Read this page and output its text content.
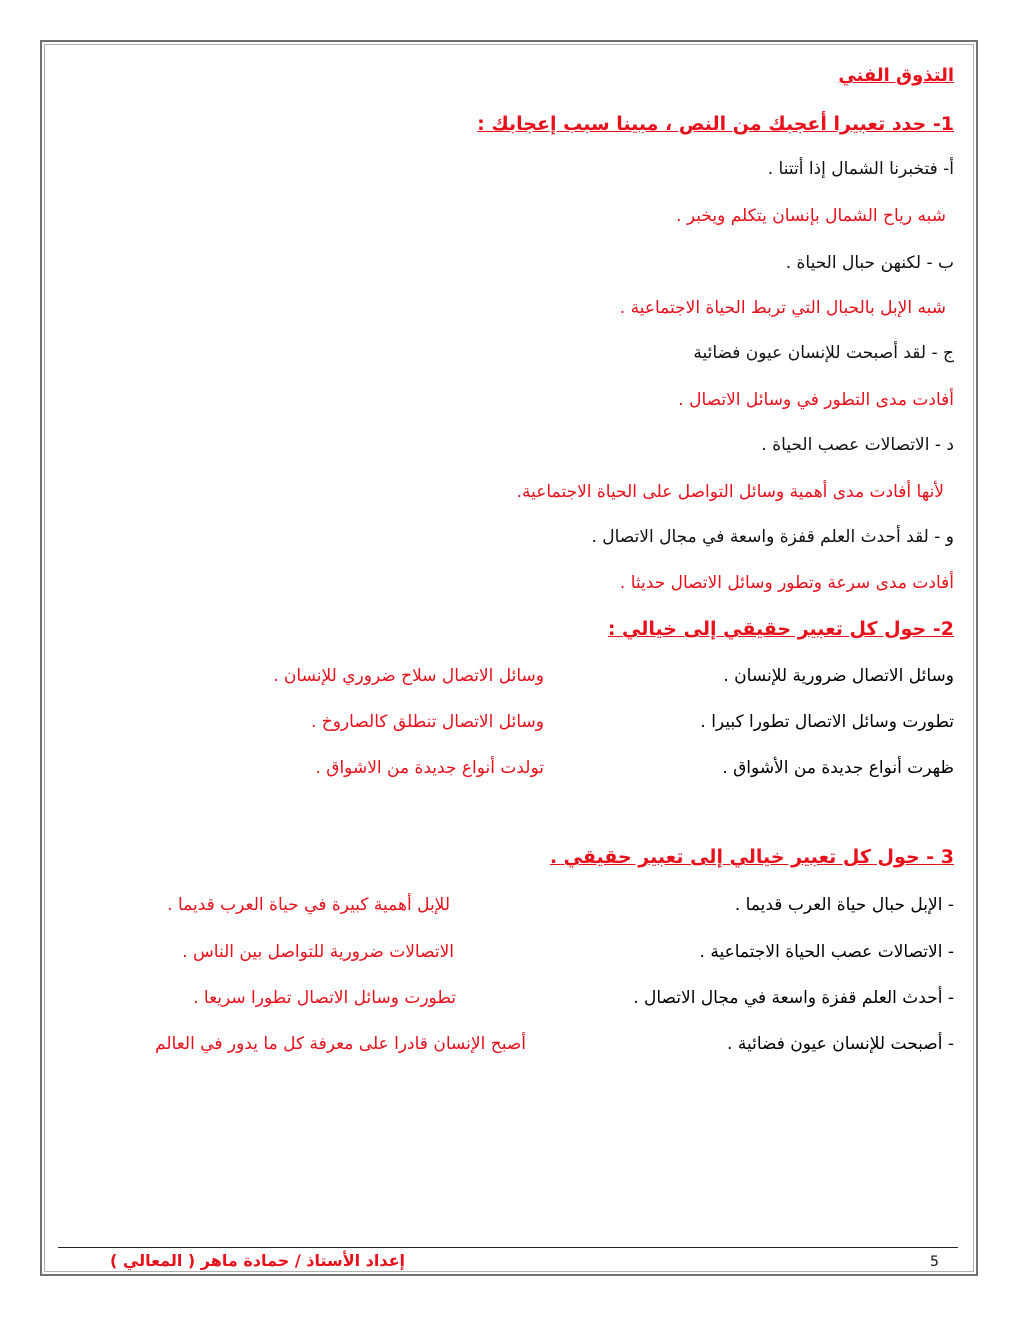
التذوق الفني
1- حدد تعبيرا أعجبك من النص ، مبينا سبب إعجابك :
أ- فتخبرنا الشمال إذا أتتنا .
شبه رياح الشمال بإنسان يتكلم ويخبر .
ب - لكنهن حبال الحياة .
شبه الإبل بالحبال التي تربط الحياة الاجتماعية .
ج - لقد أصبحت للإنسان عيون فضائية
أفادت مدى التطور في وسائل الاتصال .
د - الاتصالات عصب الحياة .
لأنها أفادت مدى أهمية وسائل التواصل على الحياة الاجتماعية.
و - لقد أحدث العلم قفزة واسعة في مجال الاتصال .
أفادت مدى سرعة وتطور وسائل الاتصال حديثا .
2- حول كل تعبير حقيقي إلى خيالي :
وسائل الاتصال ضرورية للإنسان .
وسائل الاتصال سلاح ضروري للإنسان .
تطورت وسائل الاتصال تطورا كبيرا .
وسائل الاتصال تنطلق كالصاروخ .
ظهرت أنواع جديدة من الأشواق .
تولدت أنواع جديدة من الاشواق .
3 - حول كل تعبير خيالي إلى تعبير حقيقي .
- الإبل حبال حياة العرب قديما .
للإبل أهمية كبيرة في حياة العرب قديما .
- الاتصالات عصب الحياة الاجتماعية .
الاتصالات ضرورية للتواصل بين الناس .
- أحدث العلم قفزة واسعة في مجال الاتصال .
تطورت وسائل الاتصال تطورا سريعا .
- أصبحت للإنسان عيون فضائية .
أصبح الإنسان قادرا على معرفة كل ما يدور في العالم
إعداد الأستاذ / حمادة ماهر ( المعالي )	5
